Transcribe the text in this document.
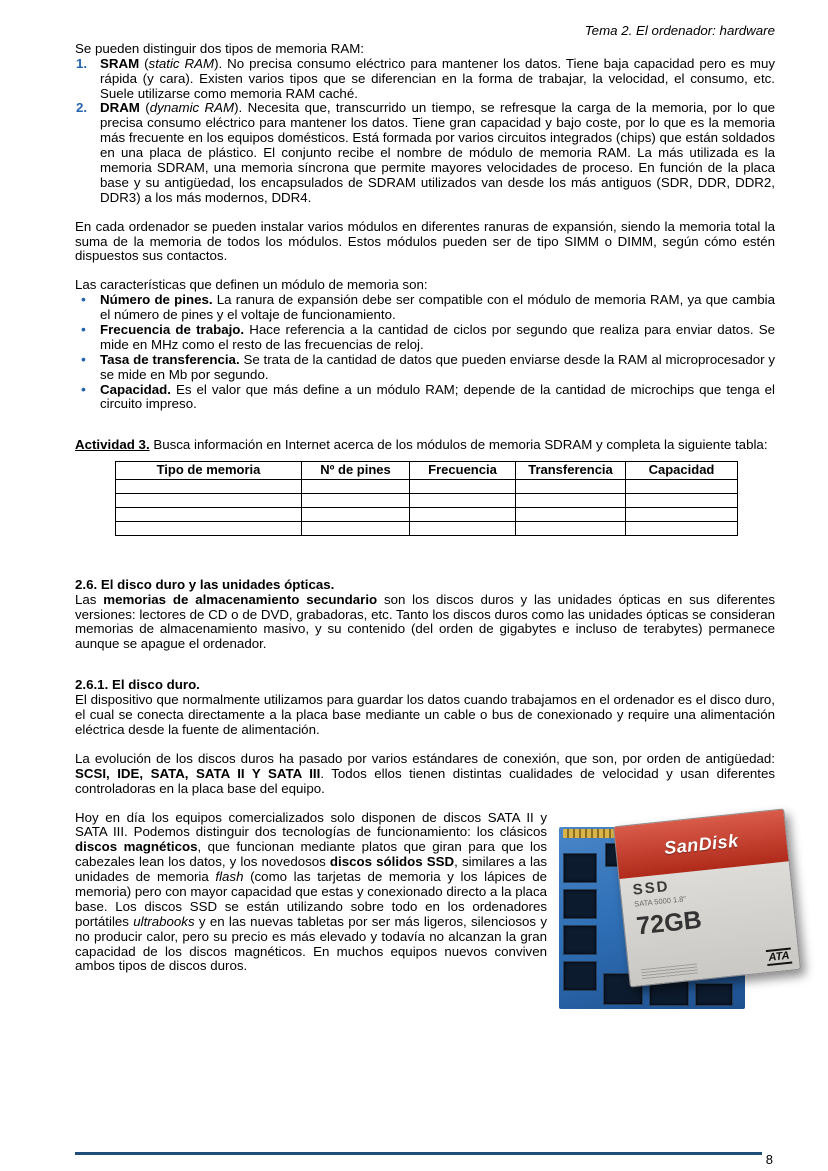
Tema 2. El ordenador: hardware

Se pueden distinguir dos tipos de memoria RAM:

1. SRAM (static RAM). No precisa consumo eléctrico para mantener los datos. Tiene baja capacidad pero es muy rápida (y cara). Existen varios tipos que se diferencian en la forma de trabajar, la velocidad, el consumo, etc. Suele utilizarse como memoria RAM caché.
2. DRAM (dynamic RAM). Necesita que, transcurrido un tiempo, se refresque la carga de la memoria, por lo que precisa consumo eléctrico para mantener los datos. Tiene gran capacidad y bajo coste, por lo que es la memoria más frecuente en los equipos domésticos. Está formada por varios circuitos integrados (chips) que están soldados en una placa de plástico. El conjunto recibe el nombre de módulo de memoria RAM. La más utilizada es la memoria SDRAM, una memoria síncrona que permite mayores velocidades de proceso. En función de la placa base y su antigüedad, los encapsulados de SDRAM utilizados van desde los más antiguos (SDR, DDR, DDR2, DDR3) a los más modernos, DDR4.

En cada ordenador se pueden instalar varios módulos en diferentes ranuras de expansión, siendo la memoria total la suma de la memoria de todos los módulos. Estos módulos pueden ser de tipo SIMM o DIMM, según cómo estén dispuestos sus contactos.

Las características que definen un módulo de memoria son:

• Número de pines. La ranura de expansión debe ser compatible con el módulo de memoria RAM, ya que cambia el número de pines y el voltaje de funcionamiento.
• Frecuencia de trabajo. Hace referencia a la cantidad de ciclos por segundo que realiza para enviar datos. Se mide en MHz como el resto de las frecuencias de reloj.
• Tasa de transferencia. Se trata de la cantidad de datos que pueden enviarse desde la RAM al microprocesador y se mide en Mb por segundo.
• Capacidad. Es el valor que más define a un módulo RAM; depende de la cantidad de microchips que tenga el circuito impreso.

Actividad 3. Busca información en Internet acerca de los módulos de memoria SDRAM y completa la siguiente tabla:

Tipo de memoria	Nº de pines	Frecuencia	Transferencia	Capacidad

2.6. El disco duro y las unidades ópticas.

Las memorias de almacenamiento secundario son los discos duros y las unidades ópticas en sus diferentes versiones: lectores de CD o de DVD, grabadoras, etc. Tanto los discos duros como las unidades ópticas se consideran memorias de almacenamiento masivo, y su contenido (del orden de gigabytes e incluso de terabytes) permanece aunque se apague el ordenador.

2.6.1. El disco duro.

El dispositivo que normalmente utilizamos para guardar los datos cuando trabajamos en el ordenador es el disco duro, el cual se conecta directamente a la placa base mediante un cable o bus de conexionado y require una alimentación eléctrica desde la fuente de alimentación.

La evolución de los discos duros ha pasado por varios estándares de conexión, que son, por orden de antigüedad: SCSI, IDE, SATA, SATA II Y SATA III. Todos ellos tienen distintas cualidades de velocidad y usan diferentes controladoras en la placa base del equipo.

SanDisk
SSD
SATA 5000 1.8"
72GB
ATA

Hoy en día los equipos comercializados solo disponen de discos SATA II y SATA III. Podemos distinguir dos tecnologías de funcionamiento: los clásicos discos magnéticos, que funcionan mediante platos que giran para que los cabezales lean los datos, y los novedosos discos sólidos SSD, similares a las unidades de memoria flash (como las tarjetas de memoria y los lápices de memoria) pero con mayor capacidad que estas y conexionado directo a la placa base. Los discos SSD se están utilizando sobre todo en los ordenadores portátiles ultrabooks y en las nuevas tabletas por ser más ligeros, silenciosos y no producir calor, pero su precio es más elevado y todavía no alcanzan la gran capacidad de los discos magnéticos. En muchos equipos nuevos conviven ambos tipos de discos duros.

8
